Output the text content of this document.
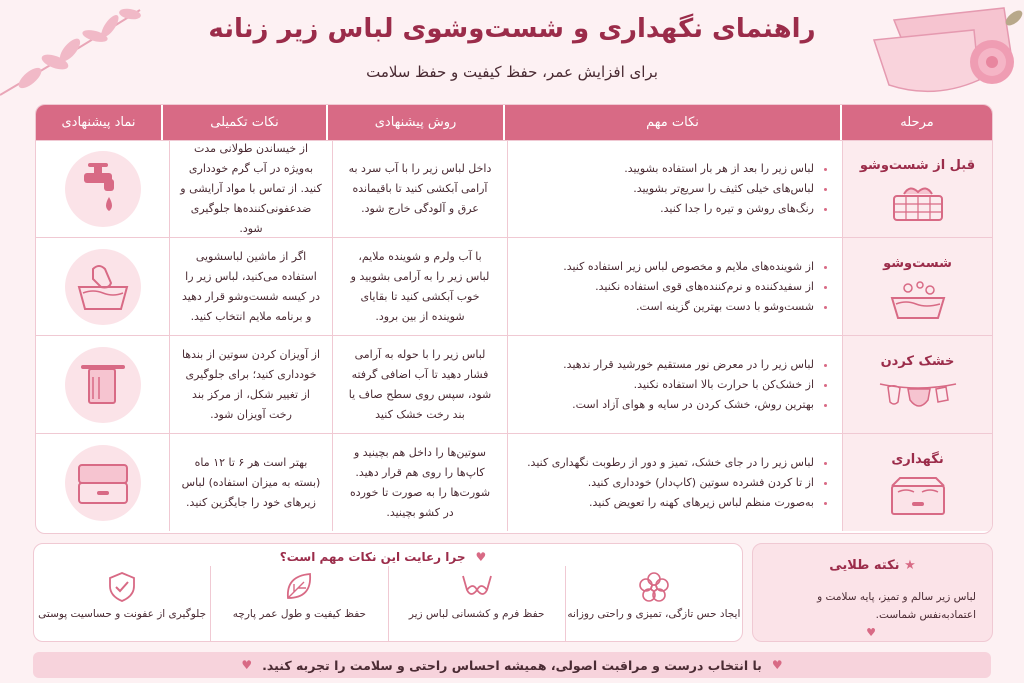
راهنمای نگهداری و شست‌وشوی لباس زیر زنانه
برای افزایش عمر، حفظ کیفیت و حفظ سلامت
مرحله
نکات مهم
روش پیشنهادی
نکات تکمیلی
نماد پیشنهادی
قبل از شست‌وشو
• لباس زیر را بعد از هر بار استفاده بشویید.
• لباس‌های خیلی کثیف را سریع‌تر بشویید.
• رنگ‌های روشن و تیره را جدا کنید.
داخل لباس زیر را با آب سرد به آرامی آبکشی کنید تا باقیمانده عرق و آلودگی خارج شود.
از خیساندن طولانی مدت به‌ویژه در آب گرم خودداری کنید. از تماس با مواد آرایشی و ضدعفونی‌کننده‌ها جلوگیری شود.
شست‌وشو
• از شوینده‌های ملایم و مخصوص لباس زیر استفاده کنید.
• از سفیدکننده و نرم‌کننده‌های قوی استفاده نکنید.
• شست‌وشو با دست بهترین گزینه است.
با آب ولرم و شوینده ملایم، لباس زیر را به آرامی بشویید و خوب آبکشی کنید تا بقایای شوینده از بین برود.
اگر از ماشین لباسشویی استفاده می‌کنید، لباس زیر را در کیسه شست‌وشو قرار دهید و برنامه ملایم انتخاب کنید.
خشک کردن
• لباس زیر را در معرض نور مستقیم خورشید قرار ندهید.
• از خشک‌کن با حرارت بالا استفاده نکنید.
• بهترین روش، خشک کردن در سایه و هوای آزاد است.
لباس زیر را با حوله به آرامی فشار دهید تا آب اضافی گرفته شود، سپس روی سطح صاف یا بند رخت خشک کنید
از آویزان کردن سوتین از بندها خودداری کنید؛ برای جلوگیری از تغییر شکل، از مرکز بند رخت آویزان شود.
نگهداری
• لباس زیر را در جای خشک، تمیز و دور از رطوبت نگهداری کنید.
• از تا کردن فشرده سوتین (کاپ‌دار) خودداری کنید.
• به‌صورت منظم لباس زیرهای کهنه را تعویض کنید.
سوتین‌ها را داخل هم بچینید و کاپ‌ها را روی هم قرار دهید. شورت‌ها را به صورت تا خورده در کشو بچینید.
بهتر است هر ۶ تا ۱۲ ماه (بسته به میزان استفاده) لباس زیرهای خود را جایگزین کنید.
♥جرا رعایت این نکات مهم است؟
ایجاد حس تازگی، تمیزی و راحتی روزانه
حفظ فرم و کشسانی لباس زیر
حفظ کیفیت و طول عمر پارچه
جلوگیری از عفونت و حساسیت پوستی
★ نکته طلایی
لباس زیر سالم و تمیز، پایه سلامت و اعتمادبه‌نفس شماست.
♥
♥
با انتخاب درست و مراقبت اصولی، همیشه احساس راحتی و سلامت را تجربه کنید.
♥
